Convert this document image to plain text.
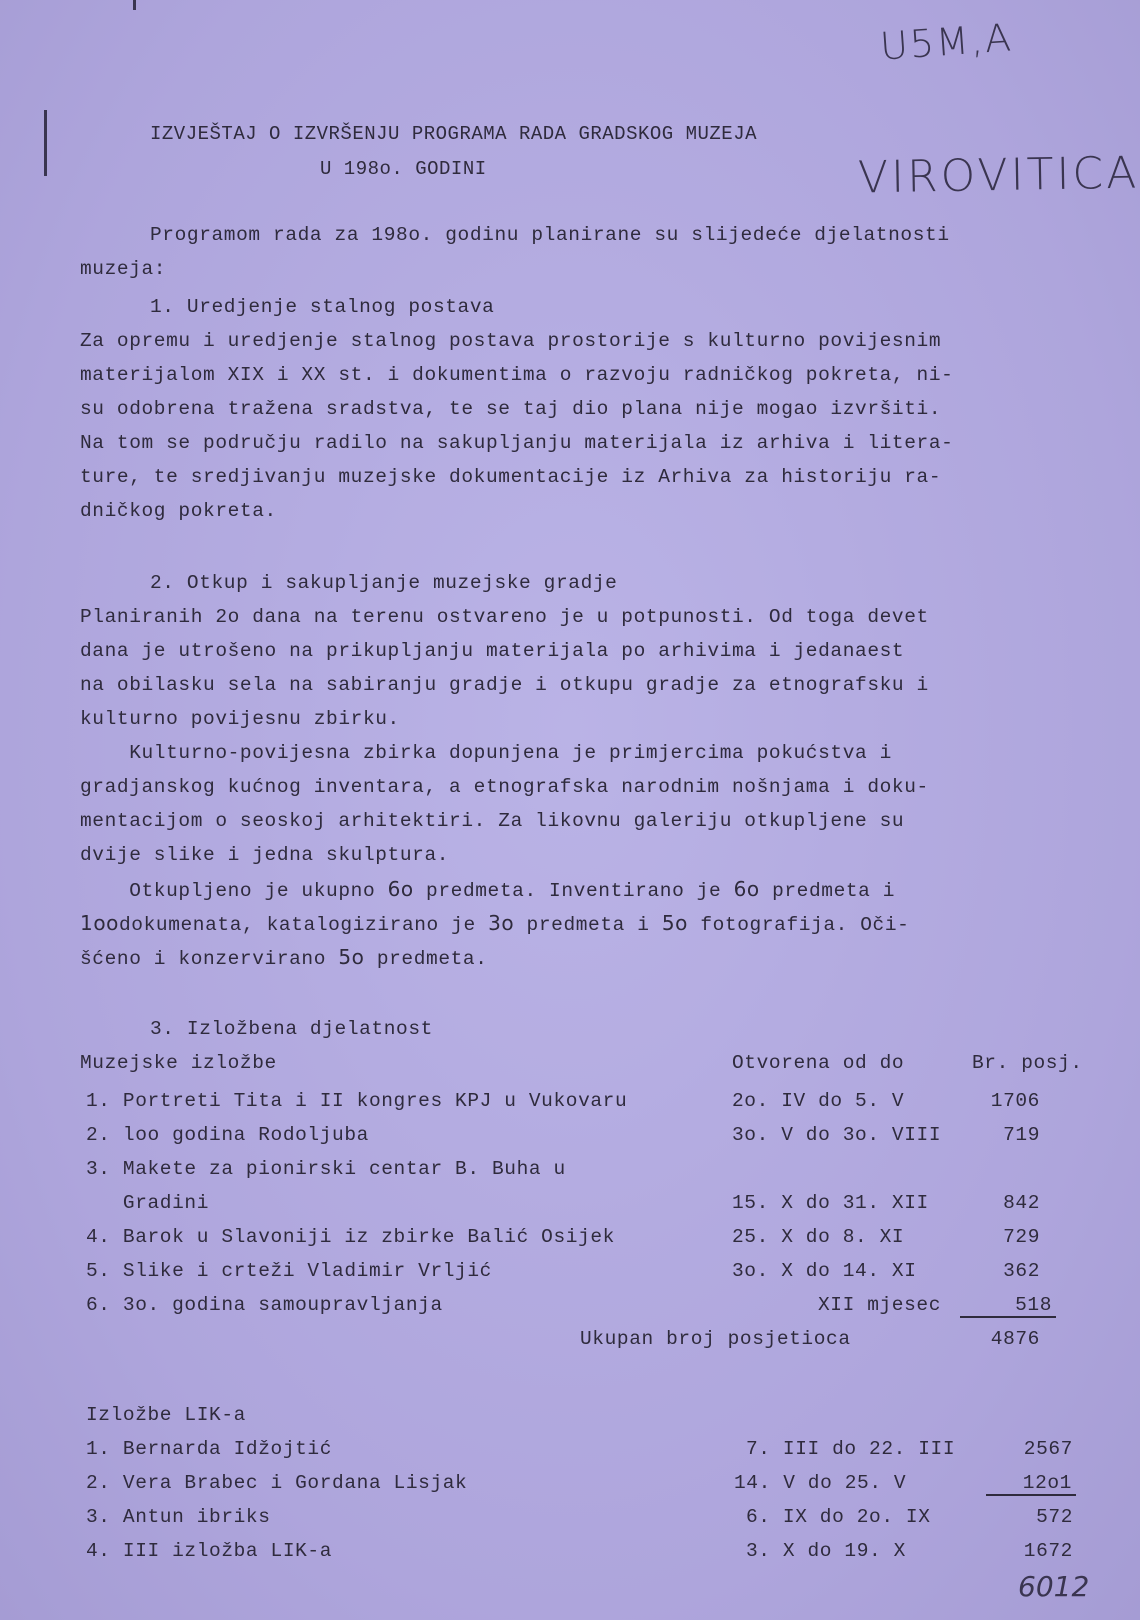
U5M,A
VIROVITICA
IZVJEŠTAJ O IZVRŠENJU PROGRAMA RADA GRADSKOG MUZEJA
U 198o. GODINI
Programom rada za 198o. godinu planirane su slijedeće djelatnosti
muzeja:
1. Uredjenje stalnog postava
Za opremu i uredjenje stalnog postava prostorije s kulturno povijesnim
materijalom XIX i XX st. i dokumentima o razvoju radničkog pokreta, ni-
su odobrena tražena sradstva, te se taj dio plana nije mogao izvršiti.
Na tom se području radilo na sakupljanju materijala iz arhiva i litera-
ture, te sredjivanju muzejske dokumentacije iz Arhiva za historiju ra-
dničkog pokreta.
2. Otkup i sakupljanje muzejske gradje
Planiranih 2o dana na terenu ostvareno je u potpunosti. Od toga devet
dana je utrošeno na prikupljanju materijala po arhivima i jedanaest
na obilasku sela na sabiranju gradje i otkupu gradje za etnografsku i
kulturno povijesnu zbirku.
Kulturno-povijesna zbirka dopunjena je primjercima pokućstva i
gradjanskog kućnog inventara, a etnografska narodnim nošnjama i doku-
mentacijom o seoskoj arhitektiri. Za likovnu galeriju otkupljene su
dvije slike i jedna skulptura.
Otkupljeno je ukupno 6o predmeta. Inventirano je 6o predmeta i
1oodokumenata, katalogizirano je 3o predmeta i 5o fotografija. Oči-
šćeno i konzervirano 5o predmeta.
3. Izložbena djelatnost
Muzejske izložbe	Otvorena od do	Br. posj.
1. Portreti Tita i II kongres KPJ u Vukovaru	2o. IV do 5. V	1706
2. loo godina Rodoljuba	3o. V do 3o. VIII	719
3. Makete za pionirski centar B. Buha u
Gradini	15. X do 31. XII	842
4. Barok u Slavoniji iz zbirke Balić Osijek	25. X do 8. XI	729
5. Slike i crteži Vladimir Vrljić	3o. X do 14. XI	362
6. 3o. godina samoupravljanja	XII mjesec	518
Ukupan broj posjetioca	4876
Izložbe LIK-a
1. Bernarda Idžojtić	7. III do 22. III	2567
2. Vera Brabec i Gordana Lisjak	14. V do 25. V	12o1
3. Antun ibriks	6. IX do 2o. IX	572
4. III izložba LIK-a	3. X do 19. X	1672
6012
